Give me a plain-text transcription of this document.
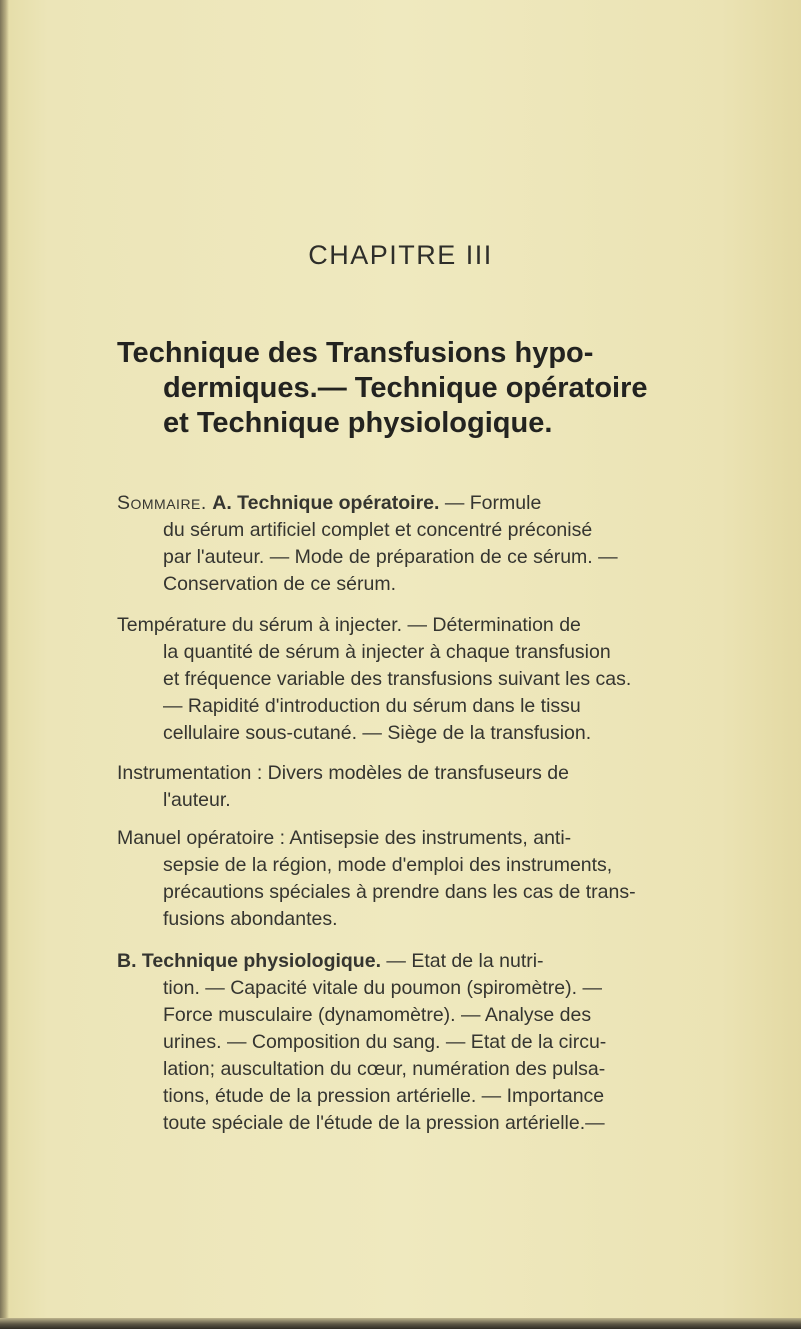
CHAPITRE III
Technique des Transfusions hypo-
dermiques.— Technique opératoire
et Technique physiologique.
Sommaire. A. Technique opératoire. — Formule
du sérum artificiel complet et concentré préconisé
par l'auteur. — Mode de préparation de ce sérum. —
Conservation de ce sérum.
Température du sérum à injecter. — Détermination de
la quantité de sérum à injecter à chaque transfusion
et fréquence variable des transfusions suivant les cas.
— Rapidité d'introduction du sérum dans le tissu
cellulaire sous-cutané. — Siège de la transfusion.
Instrumentation : Divers modèles de transfuseurs de
l'auteur.
Manuel opératoire : Antisepsie des instruments, anti-
sepsie de la région, mode d'emploi des instruments,
précautions spéciales à prendre dans les cas de trans-
fusions abondantes.
B. Technique physiologique. — Etat de la nutri-
tion. — Capacité vitale du poumon (spiromètre). —
Force musculaire (dynamomètre). — Analyse des
urines. — Composition du sang. — Etat de la circu-
lation; auscultation du cœur, numération des pulsa-
tions, étude de la pression artérielle. — Importance
toute spéciale de l'étude de la pression artérielle.—
